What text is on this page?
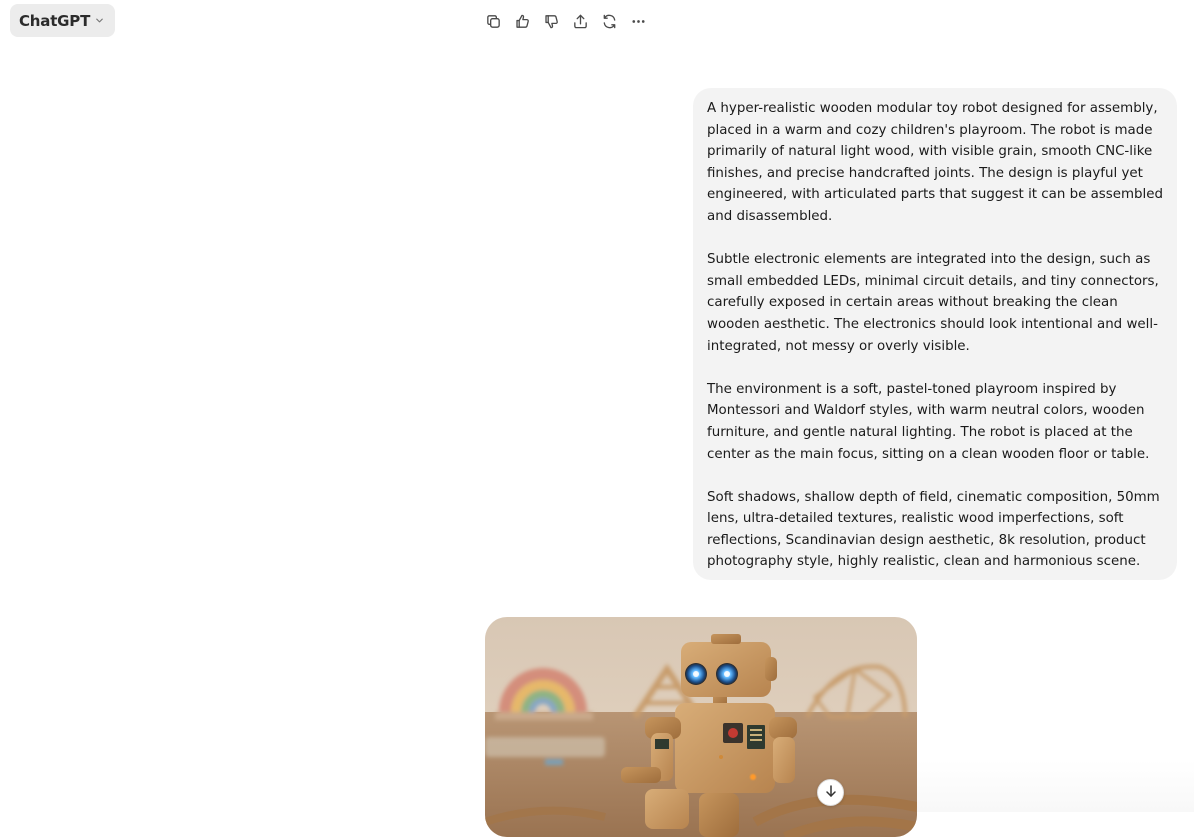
ChatGPT

A hyper-realistic wooden modular toy robot designed for assembly, placed in a warm and cozy children's playroom. The robot is made primarily of natural light wood, with visible grain, smooth CNC-like finishes, and precise handcrafted joints. The design is playful yet engineered, with articulated parts that suggest it can be assembled and disassembled.

Subtle electronic elements are integrated into the design, such as small embedded LEDs, minimal circuit details, and tiny connectors, carefully exposed in certain areas without breaking the clean wooden aesthetic. The electronics should look intentional and well-integrated, not messy or overly visible.

The environment is a soft, pastel-toned playroom inspired by Montessori and Waldorf styles, with warm neutral colors, wooden furniture, and gentle natural lighting. The robot is placed at the center as the main focus, sitting on a clean wooden floor or table.

Soft shadows, shallow depth of field, cinematic composition, 50mm lens, ultra-detailed textures, realistic wood imperfections, soft reflections, Scandinavian design aesthetic, 8k resolution, product photography style, highly realistic, clean and harmonious scene.
